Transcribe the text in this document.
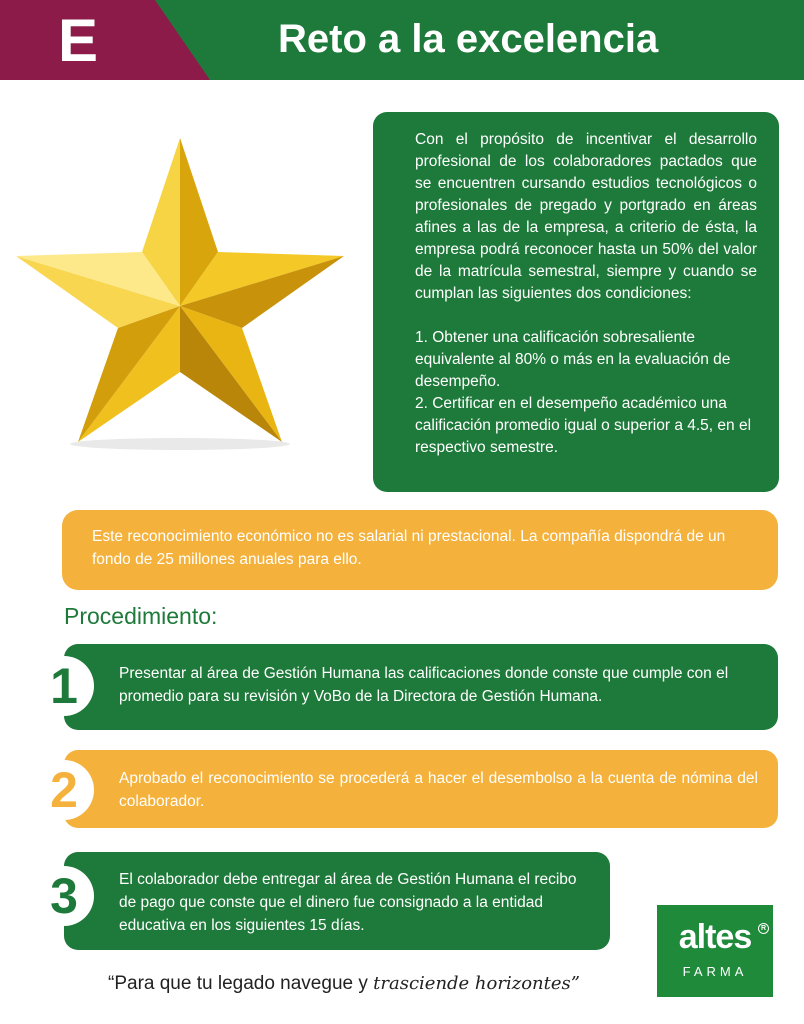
E	Reto a la excelencia

Con el propósito de incentivar el desarrollo profesional de los colaboradores pactados que se encuentren cursando estudios tecnológicos o profesionales de pregado y portgrado en áreas afines a las de la empresa, a criterio de ésta, la empresa podrá reconocer hasta un 50% del valor de la matrícula semestral, siempre y cuando se cumplan las siguientes dos condiciones:

1. Obtener una calificación sobresaliente equivalente al 80% o más en la evaluación de desempeño.

2. Certificar en el desempeño académico una calificación promedio igual o superior a 4.5, en el respectivo semestre.

Este reconocimiento económico no es salarial ni prestacional. La compañía dispondrá de un fondo de 25 millones anuales para ello.
Procedimiento:
Presentar al área de Gestión Humana las calificaciones donde conste que cumple con el promedio para su revisión y VoBo de la Directora de Gestión Humana.
Aprobado el reconocimiento se procederá a hacer el desembolso a la cuenta de nómina del colaborador.
El colaborador debe entregar al área de Gestión Humana el recibo de pago que conste que el dinero fue consignado a la entidad educativa en los siguientes 15 días.
1
2
3
altes	R
FARMA
“Para que tu legado navegue y trasciende horizontes”
